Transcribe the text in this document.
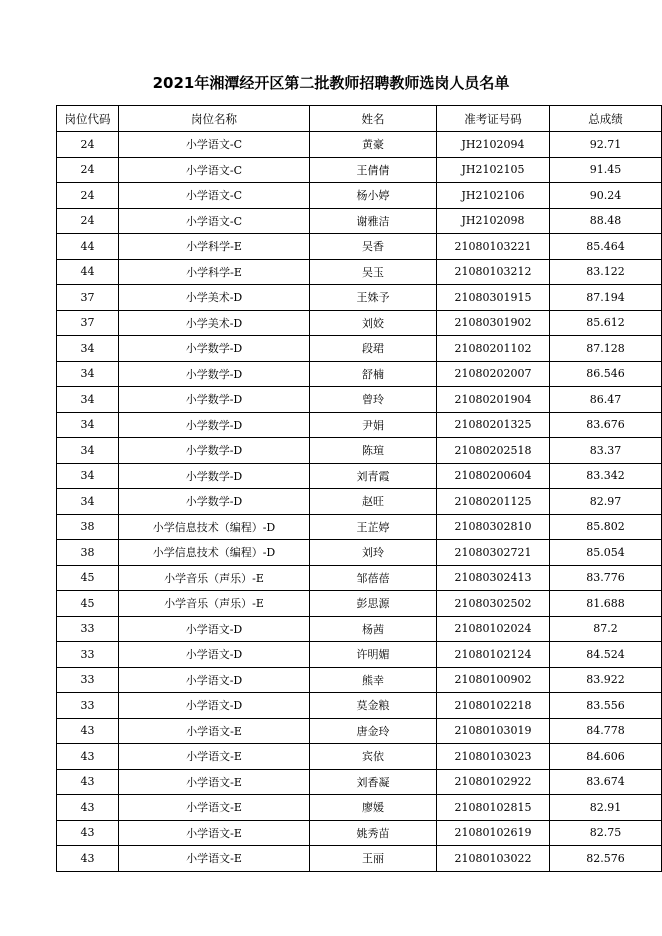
2021年湘潭经开区第二批教师招聘教师选岗人员名单
岗位代码	岗位名称	姓名	准考证号码	总成绩
24	小学语文-C	黄豪	JH2102094	92.71
24	小学语文-C	王倩倩	JH2102105	91.45
24	小学语文-C	杨小婷	JH2102106	90.24
24	小学语文-C	谢雅洁	JH2102098	88.48
44	小学科学-E	吴香	21080103221	85.464
44	小学科学-E	吴玉	21080103212	83.122
37	小学美术-D	王姝予	21080301915	87.194
37	小学美术-D	刘姣	21080301902	85.612
34	小学数学-D	段珺	21080201102	87.128
34	小学数学-D	舒楠	21080202007	86.546
34	小学数学-D	曾玲	21080201904	86.47
34	小学数学-D	尹娟	21080201325	83.676
34	小学数学-D	陈瑄	21080202518	83.37
34	小学数学-D	刘青霞	21080200604	83.342
34	小学数学-D	赵旺	21080201125	82.97
38	小学信息技术（编程）-D	王芷婷	21080302810	85.802
38	小学信息技术（编程）-D	刘玲	21080302721	85.054
45	小学音乐（声乐）-E	邹蓓蓓	21080302413	83.776
45	小学音乐（声乐）-E	彭思源	21080302502	81.688
33	小学语文-D	杨茜	21080102024	87.2
33	小学语文-D	许明媚	21080102124	84.524
33	小学语文-D	熊幸	21080100902	83.922
33	小学语文-D	莫金粮	21080102218	83.556
43	小学语文-E	唐金玲	21080103019	84.778
43	小学语文-E	宾依	21080103023	84.606
43	小学语文-E	刘香凝	21080102922	83.674
43	小学语文-E	廖媛	21080102815	82.91
43	小学语文-E	姚秀苗	21080102619	82.75
43	小学语文-E	王丽	21080103022	82.576
